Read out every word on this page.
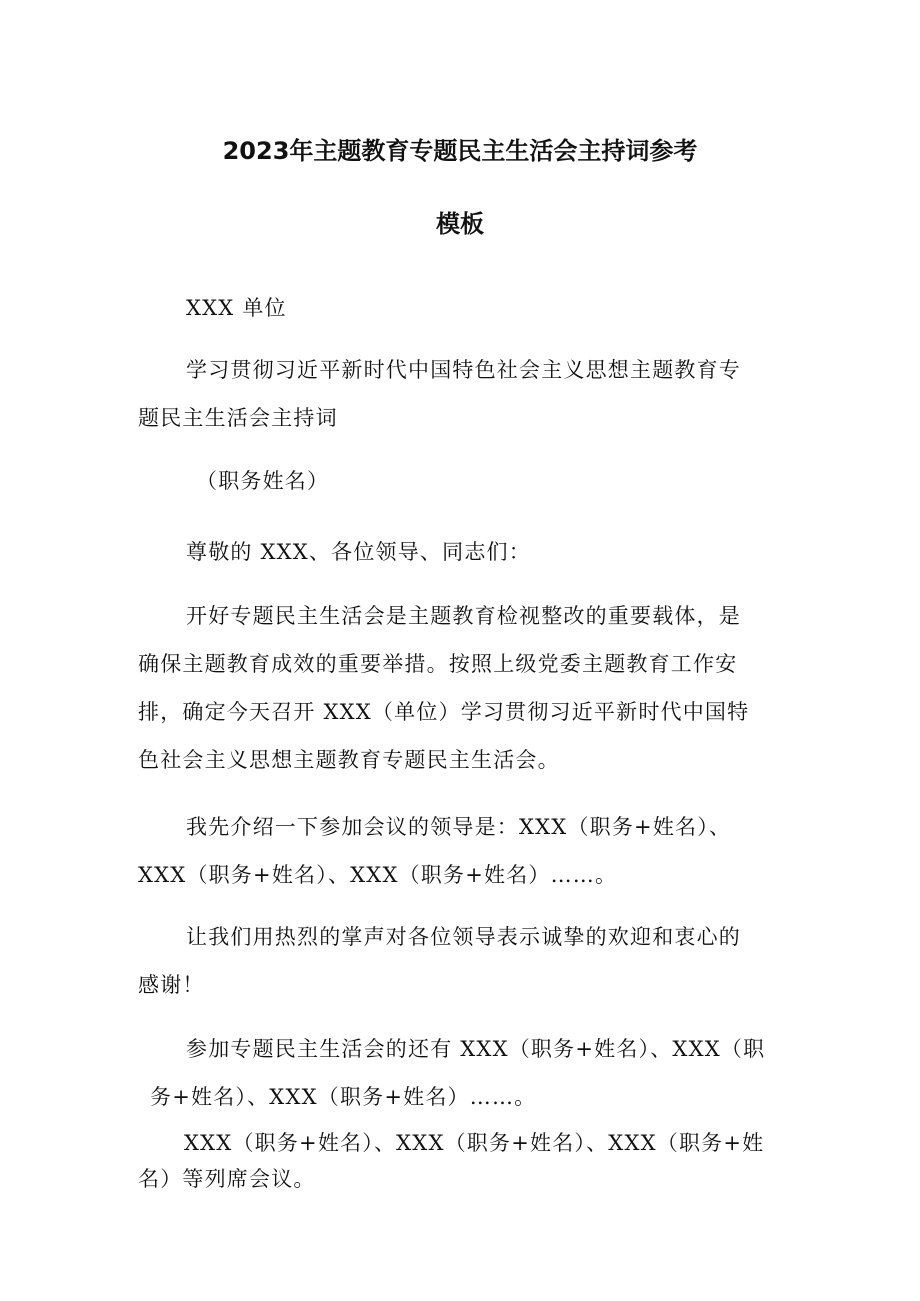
2023年主题教育专题民主生活会主持词参考
模板

XXX 单位

学习贯彻习近平新时代中国特色社会主义思想主题教育专
题民主生活会主持词

（职务姓名）

尊敬的 XXX、各位领导、同志们：

开好专题民主生活会是主题教育检视整改的重要载体，是
确保主题教育成效的重要举措。按照上级党委主题教育工作安
排，确定今天召开 XXX（单位）学习贯彻习近平新时代中国特
色社会主义思想主题教育专题民主生活会。
我先介绍一下参加会议的领导是：XXX（职务+姓名）、
XXX（职务+姓名）、XXX（职务+姓名）……。
让我们用热烈的掌声对各位领导表示诚挚的欢迎和衷心的
感谢！
参加专题民主生活会的还有 XXX（职务+姓名）、XXX（职
务+姓名）、XXX（职务+姓名）……。
XXX（职务+姓名）、XXX（职务+姓名）、XXX（职务+姓
名）等列席会议。
